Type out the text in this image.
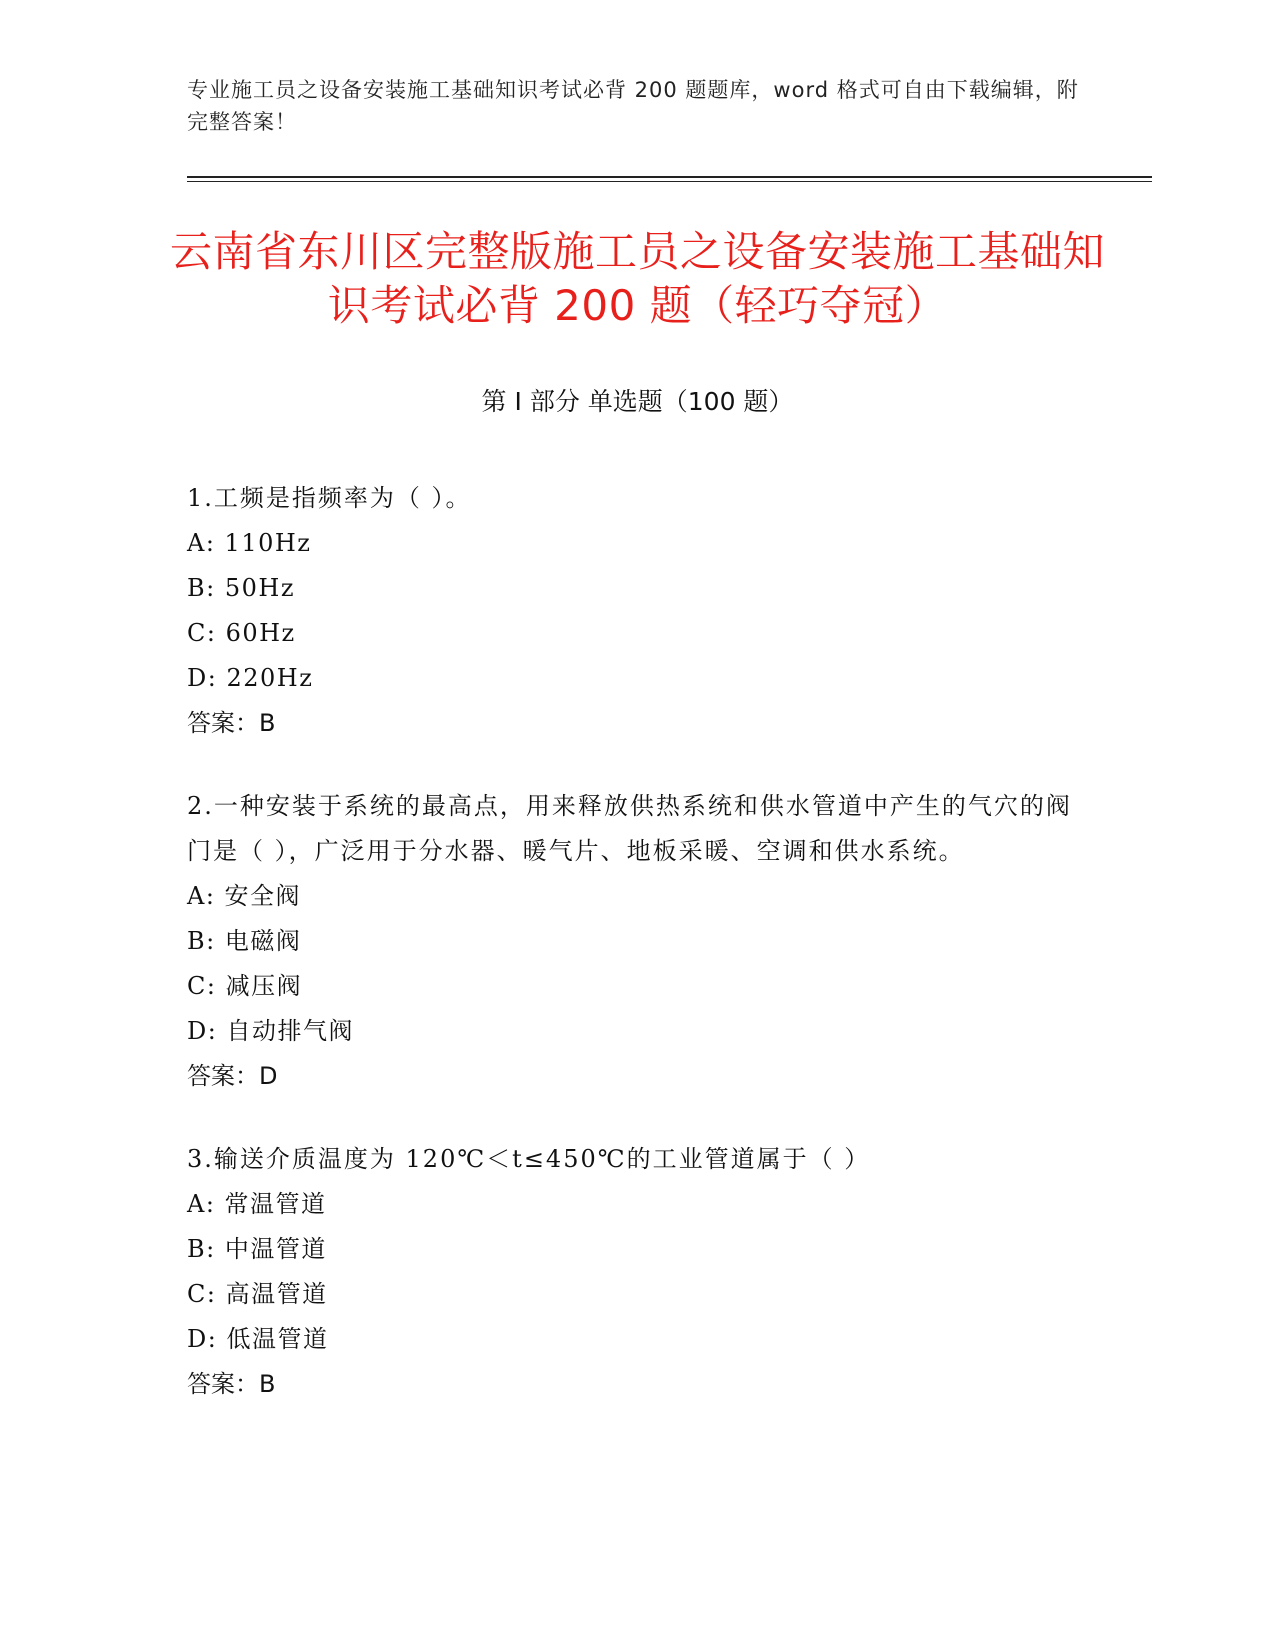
专业施工员之设备安装施工基础知识考试必背 200 题题库，word 格式可自由下载编辑，附完整答案！
云南省东川区完整版施工员之设备安装施工基础知识考试必背 200 题（轻巧夺冠）
第 I 部分 单选题（100 题）
1.工频是指频率为（ ）。
A: 110Hz
B: 50Hz
C: 60Hz
D: 220Hz
答案：B
2.一种安装于系统的最高点，用来释放供热系统和供水管道中产生的气穴的阀门是（ ），广泛用于分水器、暖气片、地板采暖、空调和供水系统。
A: 安全阀
B: 电磁阀
C: 减压阀
D: 自动排气阀
答案：D
3.输送介质温度为 120℃＜t≤450℃的工业管道属于（ ）
A: 常温管道
B: 中温管道
C: 高温管道
D: 低温管道
答案：B
